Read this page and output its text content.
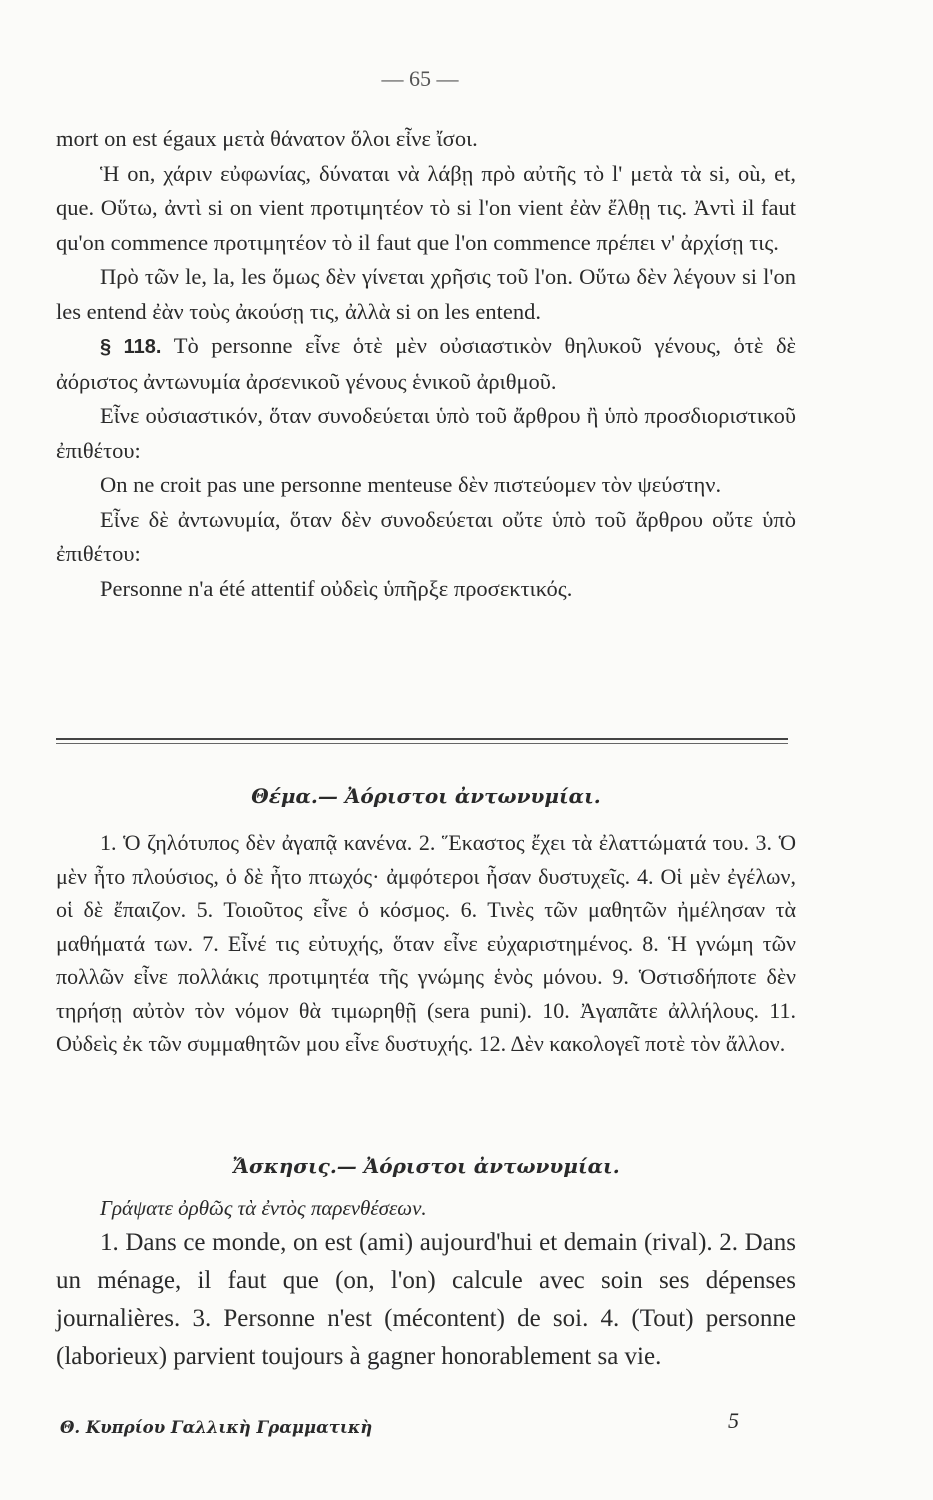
— 65 —

mort on est égaux μετὰ θάνατον ὅλοι εἶνε ἴσοι.

Ἡ on, χάριν εὐφωνίας, δύναται νὰ λάβῃ πρὸ αὐτῆς τὸ l' μετὰ τὰ si, où, et, que. Οὕτω, ἀντὶ si on vient προτιμητέον τὸ si l'on vient ἐὰν ἔλθῃ τις. Ἀντὶ il faut qu'on commence προτιμητέον τὸ il faut que l'on commence πρέπει ν' ἀρχίσῃ τις.

Πρὸ τῶν le, la, les ὅμως δὲν γίνεται χρῆσις τοῦ l'on. Οὕτω δὲν λέγουν si l'on les entend ἐὰν τοὺς ἀκούσῃ τις, ἀλλὰ si on les entend.

§ 118. Τὸ personne εἶνε ὁτὲ μὲν οὐσιαστικὸν θηλυκοῦ γένους, ὁτὲ δὲ ἀόριστος ἀντωνυμία ἀρσενικοῦ γένους ἑνικοῦ ἀριθμοῦ.

Εἶνε οὐσιαστικόν, ὅταν συνοδεύεται ὑπὸ τοῦ ἄρθρου ἢ ὑπὸ προσδιοριστικοῦ ἐπιθέτου:

On ne croit pas une personne menteuse δὲν πιστεύομεν τὸν ψεύστην.

Εἶνε δὲ ἀντωνυμία, ὅταν δὲν συνοδεύεται οὔτε ὑπὸ τοῦ ἄρθρου οὔτε ὑπὸ ἐπιθέτου:

Personne n'a été attentif οὐδεὶς ὑπῆρξε προσεκτικός.

Θέμα.— Ἀόριστοι ἀντωνυμίαι.

1. Ὁ ζηλότυπος δὲν ἀγαπᾷ κανένα. 2. Ἕκαστος ἔχει τὰ ἐλαττώματά του. 3. Ὁ μὲν ἦτο πλούσιος, ὁ δὲ ἦτο πτωχός· ἀμφότεροι ἦσαν δυστυχεῖς. 4. Οἱ μὲν ἐγέλων, οἱ δὲ ἔπαιζον. 5. Τοιοῦτος εἶνε ὁ κόσμος. 6. Τινὲς τῶν μαθητῶν ἠμέλησαν τὰ μαθήματά των. 7. Εἶνέ τις εὐτυχής, ὅταν εἶνε εὐχαριστημένος. 8. Ἡ γνώμη τῶν πολλῶν εἶνε πολλάκις προτιμητέα τῆς γνώμης ἑνὸς μόνου. 9. Ὁστισδήποτε δὲν τηρήσῃ αὐτὸν τὸν νόμον θὰ τιμωρηθῇ (sera puni). 10. Ἀγαπᾶτε ἀλλήλους. 11. Οὐδεὶς ἐκ τῶν συμμαθητῶν μου εἶνε δυστυχής. 12. Δὲν κακολογεῖ ποτὲ τὸν ἄλλον.

Ἄσκησις.— Ἀόριστοι ἀντωνυμίαι.
Γράψατε ὀρθῶς τὰ ἐντὸς παρενθέσεων.

1. Dans ce monde, on est (ami) aujourd'hui et demain (rival). 2. Dans un ménage, il faut que (on, l'on) calcule avec soin ses dépenses journalières. 3. Personne n'est (mécontent) de soi. 4. (Tout) personne (laborieux) parvient toujours à gagner honorablement sa vie.

Θ. Κυπρίου Γαλλικὴ Γραμματικὴ	5
